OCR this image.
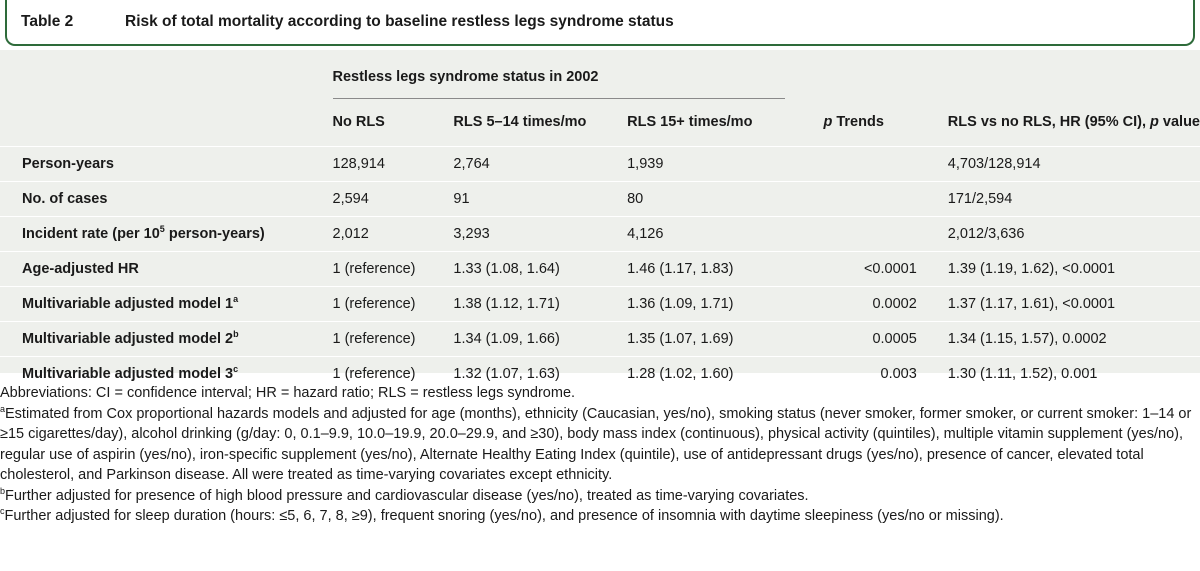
Table 2	Risk of total mortality according to baseline restless legs syndrome status
	Restless legs syndrome status in 2002		

	No RLS	RLS 5–14 times/mo	RLS 15+ times/mo	p Trends	RLS vs no RLS, HR (95% CI), p value
Person-years	128,914	2,764	1,939		4,703/128,914
No. of cases	2,594	91	80		171/2,594
Incident rate (per $10^5$ person-years)	2,012	3,293	4,126		2,012/3,636
Age-adjusted HR	1 (reference)	1.33 (1.08, 1.64)	1.46 (1.17, 1.83)	<0.0001	1.39 (1.19, 1.62), <0.0001
Multivariable adjusted model 1$^a$	1 (reference)	1.38 (1.12, 1.71)	1.36 (1.09, 1.71)	0.0002	1.37 (1.17, 1.61), <0.0001
Multivariable adjusted model 2$^b$	1 (reference)	1.34 (1.09, 1.66)	1.35 (1.07, 1.69)	0.0005	1.34 (1.15, 1.57), 0.0002
Multivariable adjusted model 3$^c$	1 (reference)	1.32 (1.07, 1.63)	1.28 (1.02, 1.60)	0.003	1.30 (1.11, 1.52), 0.001

Abbreviations: CI = confidence interval; HR = hazard ratio; RLS = restless legs syndrome.

$^a$Estimated from Cox proportional hazards models and adjusted for age (months), ethnicity (Caucasian, yes/no), smoking status (never smoker, former smoker, or current smoker: 1–14 or ≥15 cigarettes/day), alcohol drinking (g/day: 0, 0.1–9.9, 10.0–19.9, 20.0–29.9, and ≥30), body mass index (continuous), physical activity (quintiles), multiple vitamin supplement (yes/no), regular use of aspirin (yes/no), iron-specific supplement (yes/no), Alternate Healthy Eating Index (quintile), use of antidepressant drugs (yes/no), presence of cancer, elevated total cholesterol, and Parkinson disease. All were treated as time-varying covariates except ethnicity.

$^b$Further adjusted for presence of high blood pressure and cardiovascular disease (yes/no), treated as time-varying covariates.

$^c$Further adjusted for sleep duration (hours: ≤5, 6, 7, 8, ≥9), frequent snoring (yes/no), and presence of insomnia with daytime sleepiness (yes/no or missing).
